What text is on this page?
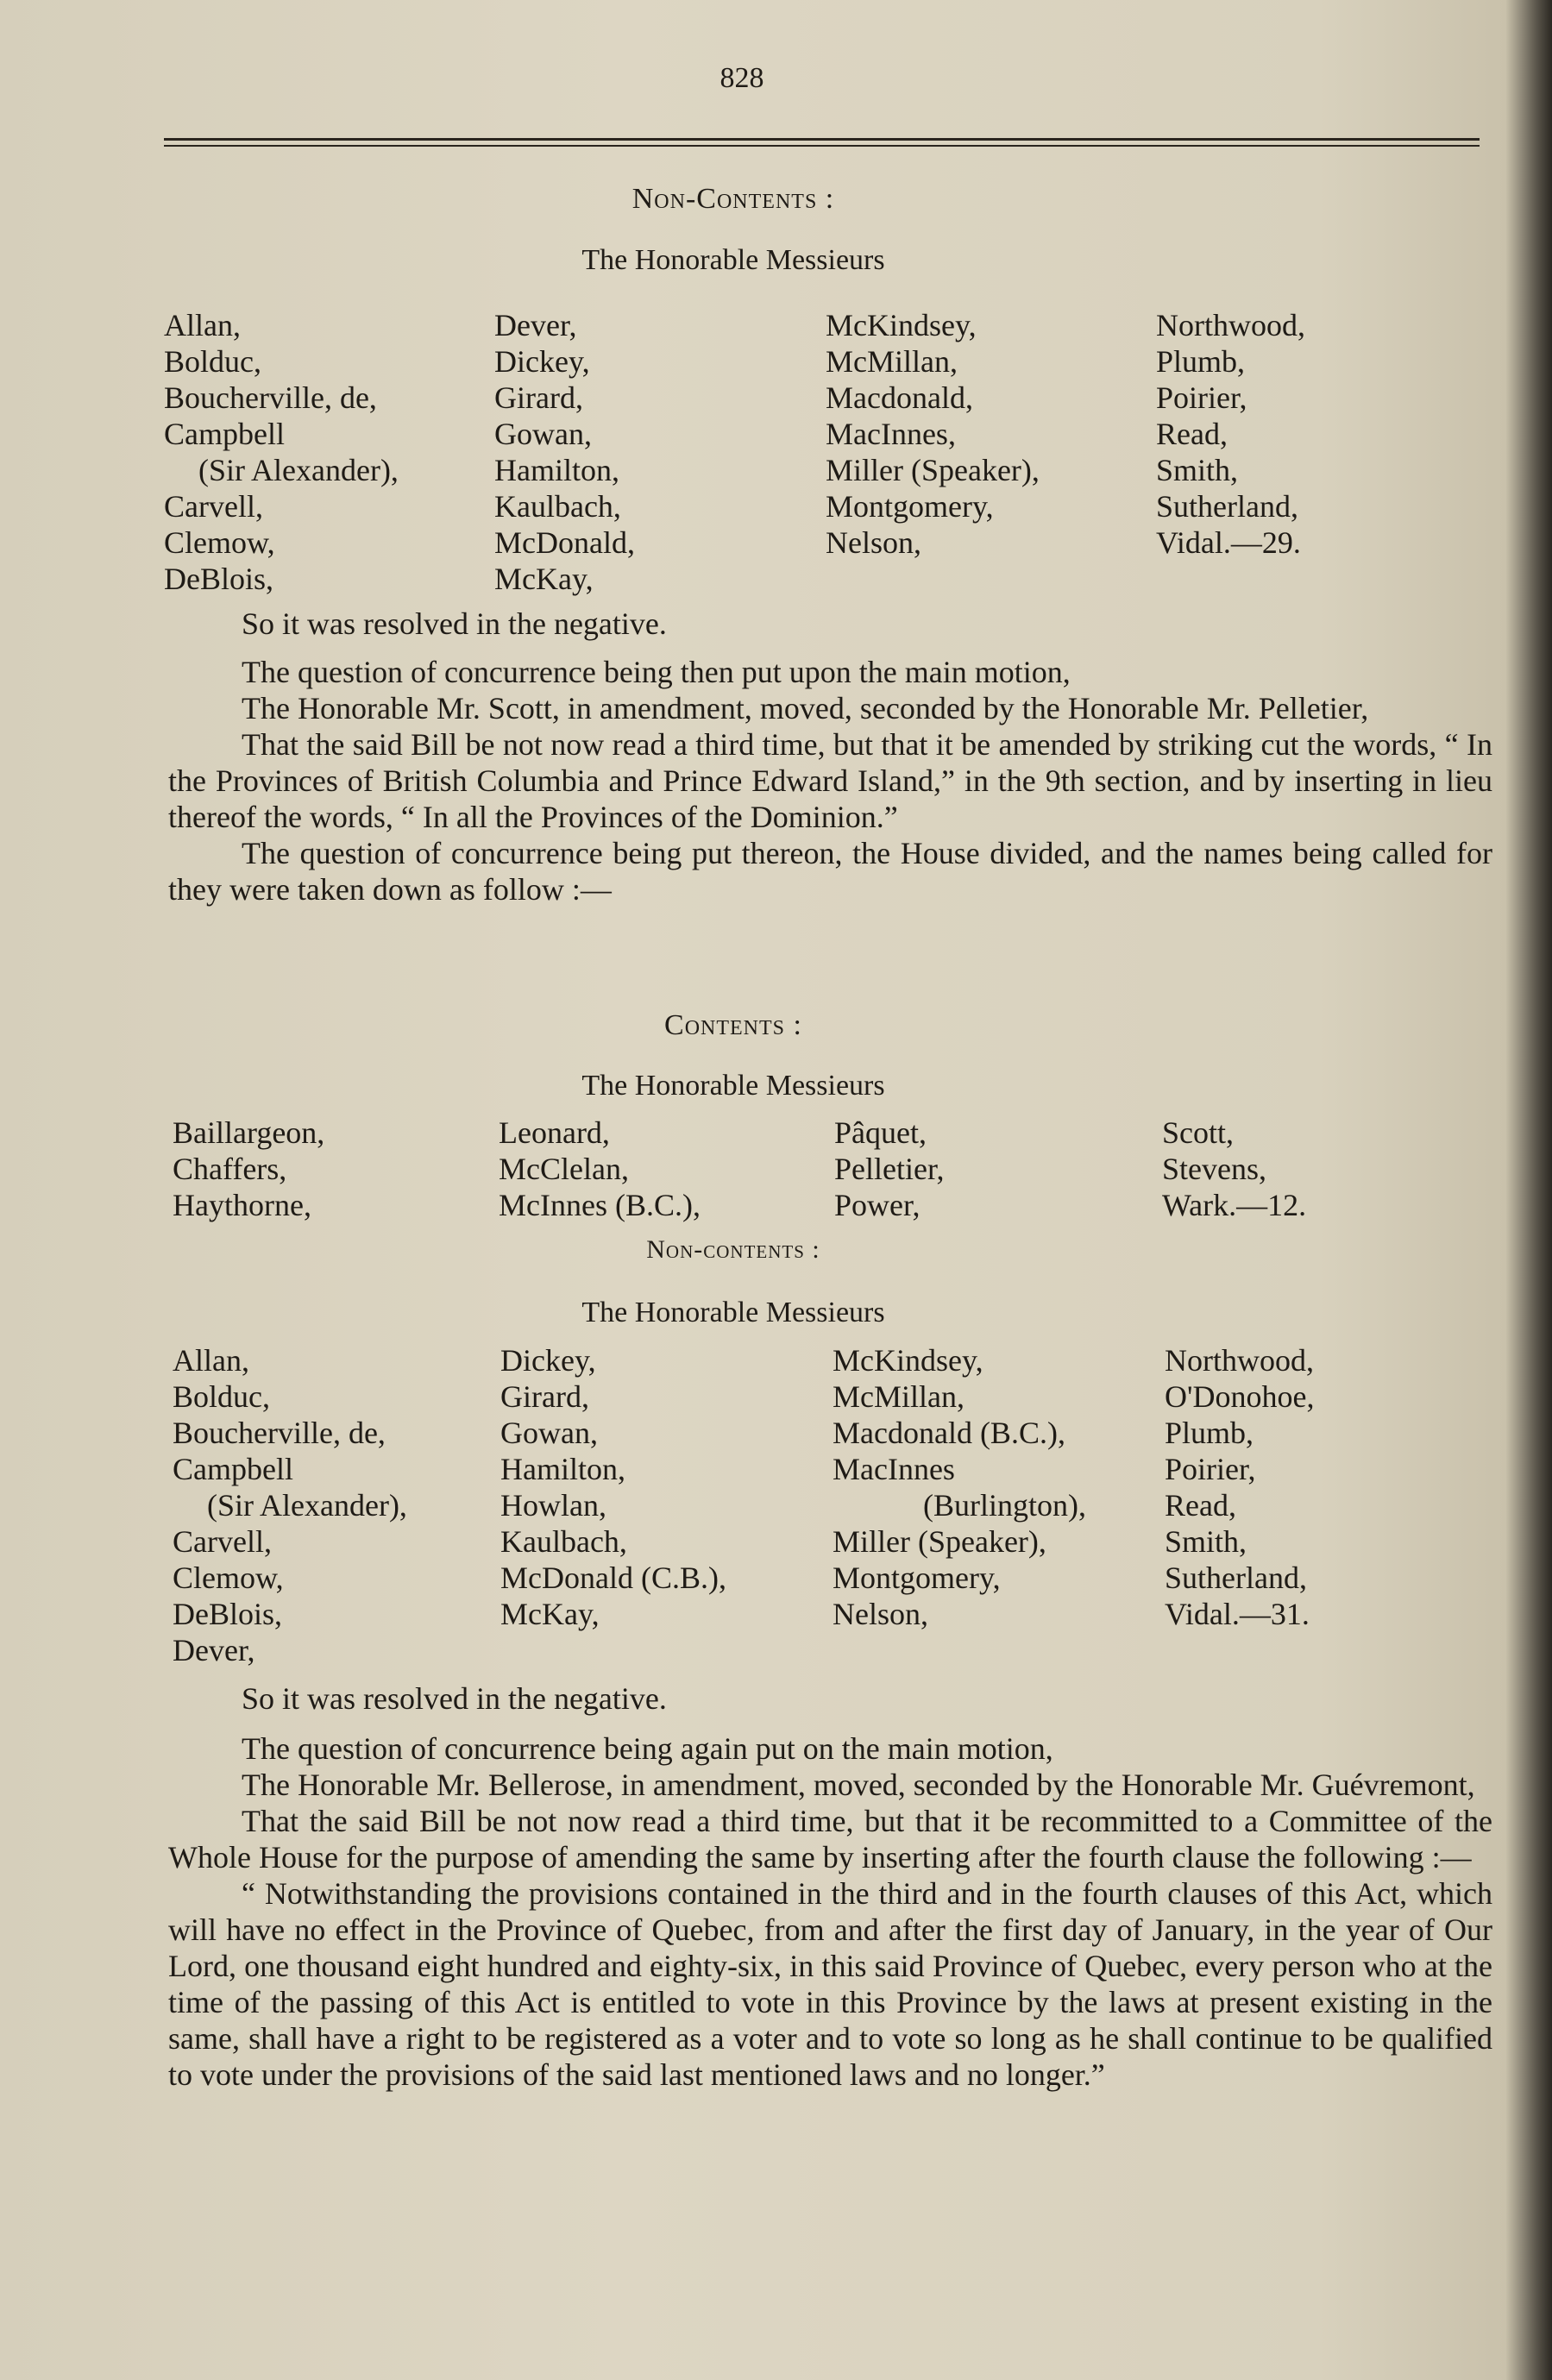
828
Non-Contents :
The Honorable Messieurs
Allan,
Bolduc,
Boucherville, de,
Campbell
(Sir Alexander),
Carvell,
Clemow,
DeBlois,
Dever,
Dickey,
Girard,
Gowan,
Hamilton,
Kaulbach,
McDonald,
McKay,
McKindsey,
McMillan,
Macdonald,
MacInnes,
Miller (Speaker),
Montgomery,
Nelson,
Northwood,
Plumb,
Poirier,
Read,
Smith,
Sutherland,
Vidal.—29.

So it was resolved in the negative.

The question of concurrence being then put upon the main motion,

The Honorable Mr. Scott, in amendment, moved, seconded by the Honorable Mr. Pelletier,

That the said Bill be not now read a third time, but that it be amended by striking cut the words, “ In the Provinces of British Columbia and Prince Edward Island,” in the 9th section, and by inserting in lieu thereof the words, “ In all the Provinces of the Dominion.”

The question of concurrence being put thereon, the House divided, and the names being called for they were taken down as follow :—

Contents :
The Honorable Messieurs
Baillargeon,
Chaffers,
Haythorne,
Leonard,
McClelan,
McInnes (B.C.),
Pâquet,
Pelletier,
Power,
Scott,
Stevens,
Wark.—12.
Non-contents :
The Honorable Messieurs
Allan,
Bolduc,
Boucherville, de,
Campbell
(Sir Alexander),
Carvell,
Clemow,
DeBlois,
Dever,
Dickey,
Girard,
Gowan,
Hamilton,
Howlan,
Kaulbach,
McDonald (C.B.),
McKay,
McKindsey,
McMillan,
Macdonald (B.C.),
MacInnes
(Burlington),
Miller (Speaker),
Montgomery,
Nelson,
Northwood,
O'Donohoe,
Plumb,
Poirier,
Read,
Smith,
Sutherland,
Vidal.—31.

So it was resolved in the negative.

The question of concurrence being again put on the main motion,

The Honorable Mr. Bellerose, in amendment, moved, seconded by the Honorable Mr. Guévremont,

That the said Bill be not now read a third time, but that it be recommitted to a Committee of the Whole House for the purpose of amending the same by inserting after the fourth clause the following :—

“ Notwithstanding the provisions contained in the third and in the fourth clauses of this Act, which will have no effect in the Province of Quebec, from and after the first day of January, in the year of Our Lord, one thousand eight hundred and eighty-six, in this said Province of Quebec, every person who at the time of the passing of this Act is entitled to vote in this Province by the laws at present existing in the same, shall have a right to be registered as a voter and to vote so long as he shall continue to be qualified to vote under the provisions of the said last mentioned laws and no longer.”
